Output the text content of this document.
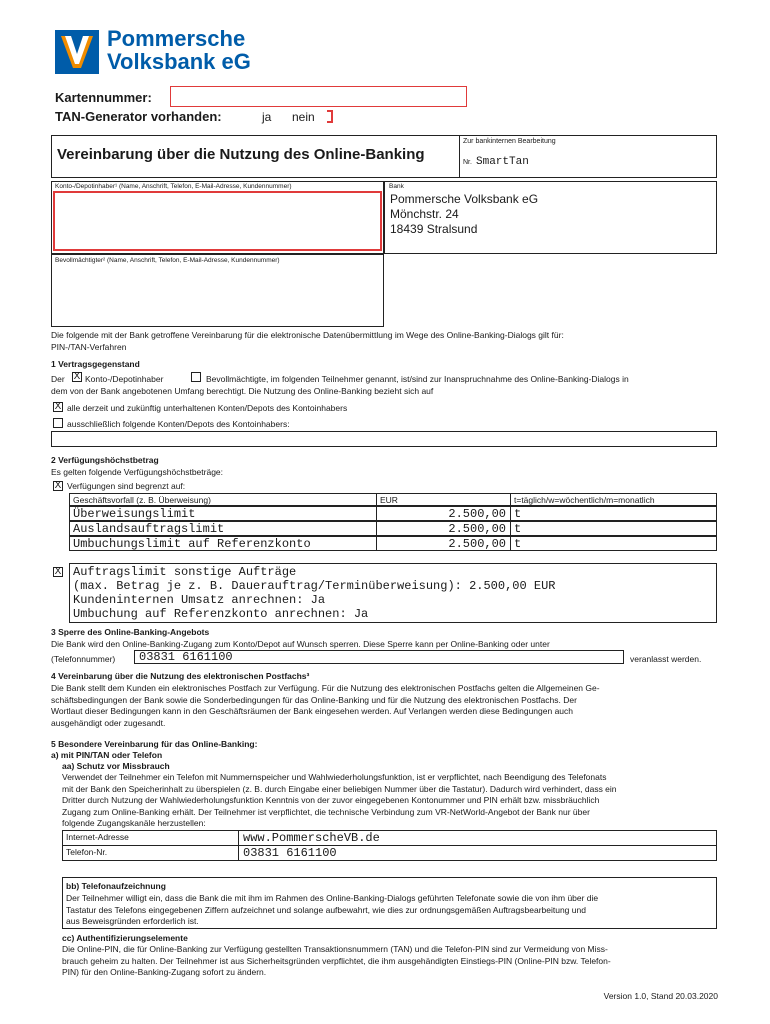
Pommersche
Volksbank eG
Kartennummer:
TAN-Generator vorhanden:	ja nein
Vereinbarung über die Nutzung des Online-Banking
Zur bankinternen Bearbeitung
Nr. SmartTan
Konto-/Depotinhaber¹ (Name, Anschrift, Telefon, E-Mail-Adresse, Kundennummer)	Bank
Pommersche Volksbank eG
Mönchstr. 24
18439 Stralsund
Bevollmächtigter² (Name, Anschrift, Telefon, E-Mail-Adresse, Kundennummer)
Die folgende mit der Bank getroffene Vereinbarung für die elektronische Datenübermittlung im Wege des Online-Banking-Dialogs gilt für:
PIN-/TAN-Verfahren
1 Vertragsgegenstand
Der X Konto-/Depotinhaber	Bevollmächtigte, im folgenden Teilnehmer genannt, ist/sind zur Inanspruchnahme des Online-Banking-Dialogs in
dem von der Bank angebotenen Umfang berechtigt. Die Nutzung des Online-Banking bezieht sich auf
X alle derzeit und zukünftig unterhaltenen Konten/Depots des Kontoinhabers
ausschließlich folgende Konten/Depots des Kontoinhabers:
2 Verfügungshöchstbetrag
Es gelten folgende Verfügungshöchstbeträge:
X Verfügungen sind begrenzt auf:
Geschäftsvorfall (z. B. Überweisung)	EUR	t=täglich/w=wöchentlich/m=monatlich
Überweisungslimit	2.500,00 t
Auslandsauftragslimit	2.500,00 t
Umbuchungslimit auf Referenzkonto	2.500,00 t
X Auftragslimit sonstige Aufträge
(max. Betrag je z. B. Dauerauftrag/Terminüberweisung): 2.500,00 EUR
Kundeninternen Umsatz anrechnen: Ja
Umbuchung auf Referenzkonto anrechnen: Ja
3 Sperre des Online-Banking-Angebots
Die Bank wird den Online-Banking-Zugang zum Konto/Depot auf Wunsch sperren. Diese Sperre kann per Online-Banking oder unter
(Telefonnummer) 03831 6161100	veranlasst werden.
4 Vereinbarung über die Nutzung des elektronischen Postfachs³
Die Bank stellt dem Kunden ein elektronisches Postfach zur Verfügung. Für die Nutzung des elektronischen Postfachs gelten die Allgemeinen Ge-
schäftsbedingungen der Bank sowie die Sonderbedingungen für das Online-Banking und für die Nutzung des elektronischen Postfachs. Der
Wortlaut dieser Bedingungen kann in den Geschäftsräumen der Bank eingesehen werden. Auf Verlangen werden diese Bedingungen auch
ausgehändigt oder zugesandt.
5 Besondere Vereinbarung für das Online-Banking:
a) mit PIN/TAN oder Telefon
aa) Schutz vor Missbrauch
Verwendet der Teilnehmer ein Telefon mit Nummernspeicher und Wahlwiederholungsfunktion, ist er verpflichtet, nach Beendigung des Telefonats
mit der Bank den Speicherinhalt zu überspielen (z. B. durch Eingabe einer beliebigen Nummer über die Tastatur). Dadurch wird verhindert, dass ein
Dritter durch Nutzung der Wahlwiederholungsfunktion Kenntnis von der zuvor eingegebenen Kontonummer und PIN erhält bzw. missbräuchlich
Zugang zum Online-Banking erhält. Der Teilnehmer ist verpflichtet, die technische Verbindung zum VR-NetWorld-Angebot der Bank nur über
folgende Zugangskanäle herzustellen:
Internet-Adresse	www.PommerscheVB.de
Telefon-Nr.	03831 6161100
bb) Telefonaufzeichnung
Der Teilnehmer willigt ein, dass die Bank die mit ihm im Rahmen des Online-Banking-Dialogs geführten Telefonate sowie die von ihm über die
Tastatur des Telefons eingegebenen Ziffern aufzeichnet und solange aufbewahrt, wie dies zur ordnungsgemäßen Auftragsbearbeitung und
aus Beweisgründen erforderlich ist.
cc) Authentifizierungselemente
Die Online-PIN, die für Online-Banking zur Verfügung gestellten Transaktionsnummern (TAN) und die Telefon-PIN sind zur Vermeidung von Miss-
brauch geheim zu halten. Der Teilnehmer ist aus Sicherheitsgründen verpflichtet, die ihm ausgehändigten Einstiegs-PIN (Online-PIN bzw. Telefon-
PIN) für den Online-Banking-Zugang sofort zu ändern.
Version 1.0, Stand 20.03.2020
